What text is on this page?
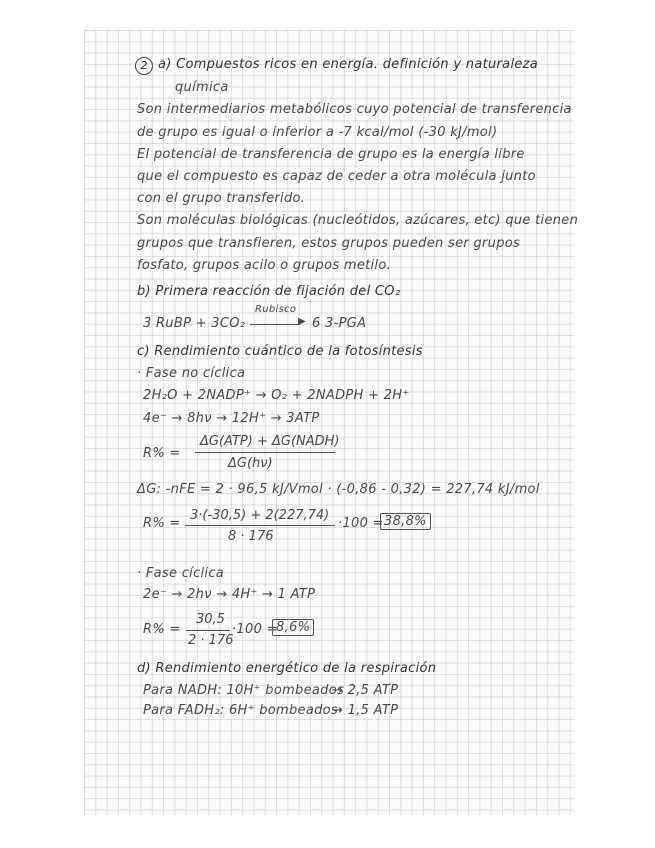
2 a) Compuestos ricos en energía. definición y naturaleza
química
Son intermediarios metabólicos cuyo potencial de transferencia
de grupo es igual o inferior a -7 kcal/mol (-30 kJ/mol)
El potencial de transferencia de grupo es la energía libre
que el compuesto es capaz de ceder a otra molécula junto
con el grupo transferido.
Son moléculas biológicas (nucleótidos, azúcares, etc) que tienen
grupos que transfieren, estos grupos pueden ser grupos
fosfato, grupos acilo o grupos metilo.
b) Primera reacción de fijación del CO₂
3 RuBP + 3CO₂
Rubisco
▶ 6 3-PGA
c) Rendimiento cuántico de la fotosíntesis
· Fase no cíclica
2H₂O + 2NADP⁺ → O₂ + 2NADPH + 2H⁺
4e⁻ → 8hν → 12H⁺ → 3ATP
R% =
ΔG(ATP) + ΔG(NADH)
ΔG(hν)
ΔG: -nFE = 2 · 96,5 kJ/Vmol · (-0,86 - 0,32) = 227,74 kJ/mol
R% =
3·(-30,5) + 2(227,74)
8 · 176
·100 = 38,8%
· Fase cíclica
2e⁻ → 2hν → 4H⁺ → 1 ATP
R% =
30,5
2 · 176
·100 =
8,6%
d) Rendimiento energético de la respiración
Para NADH: 10H⁺ bombeados
→ 2,5 ATP
Para FADH₂: 6H⁺ bombeados
→ 1,5 ATP
